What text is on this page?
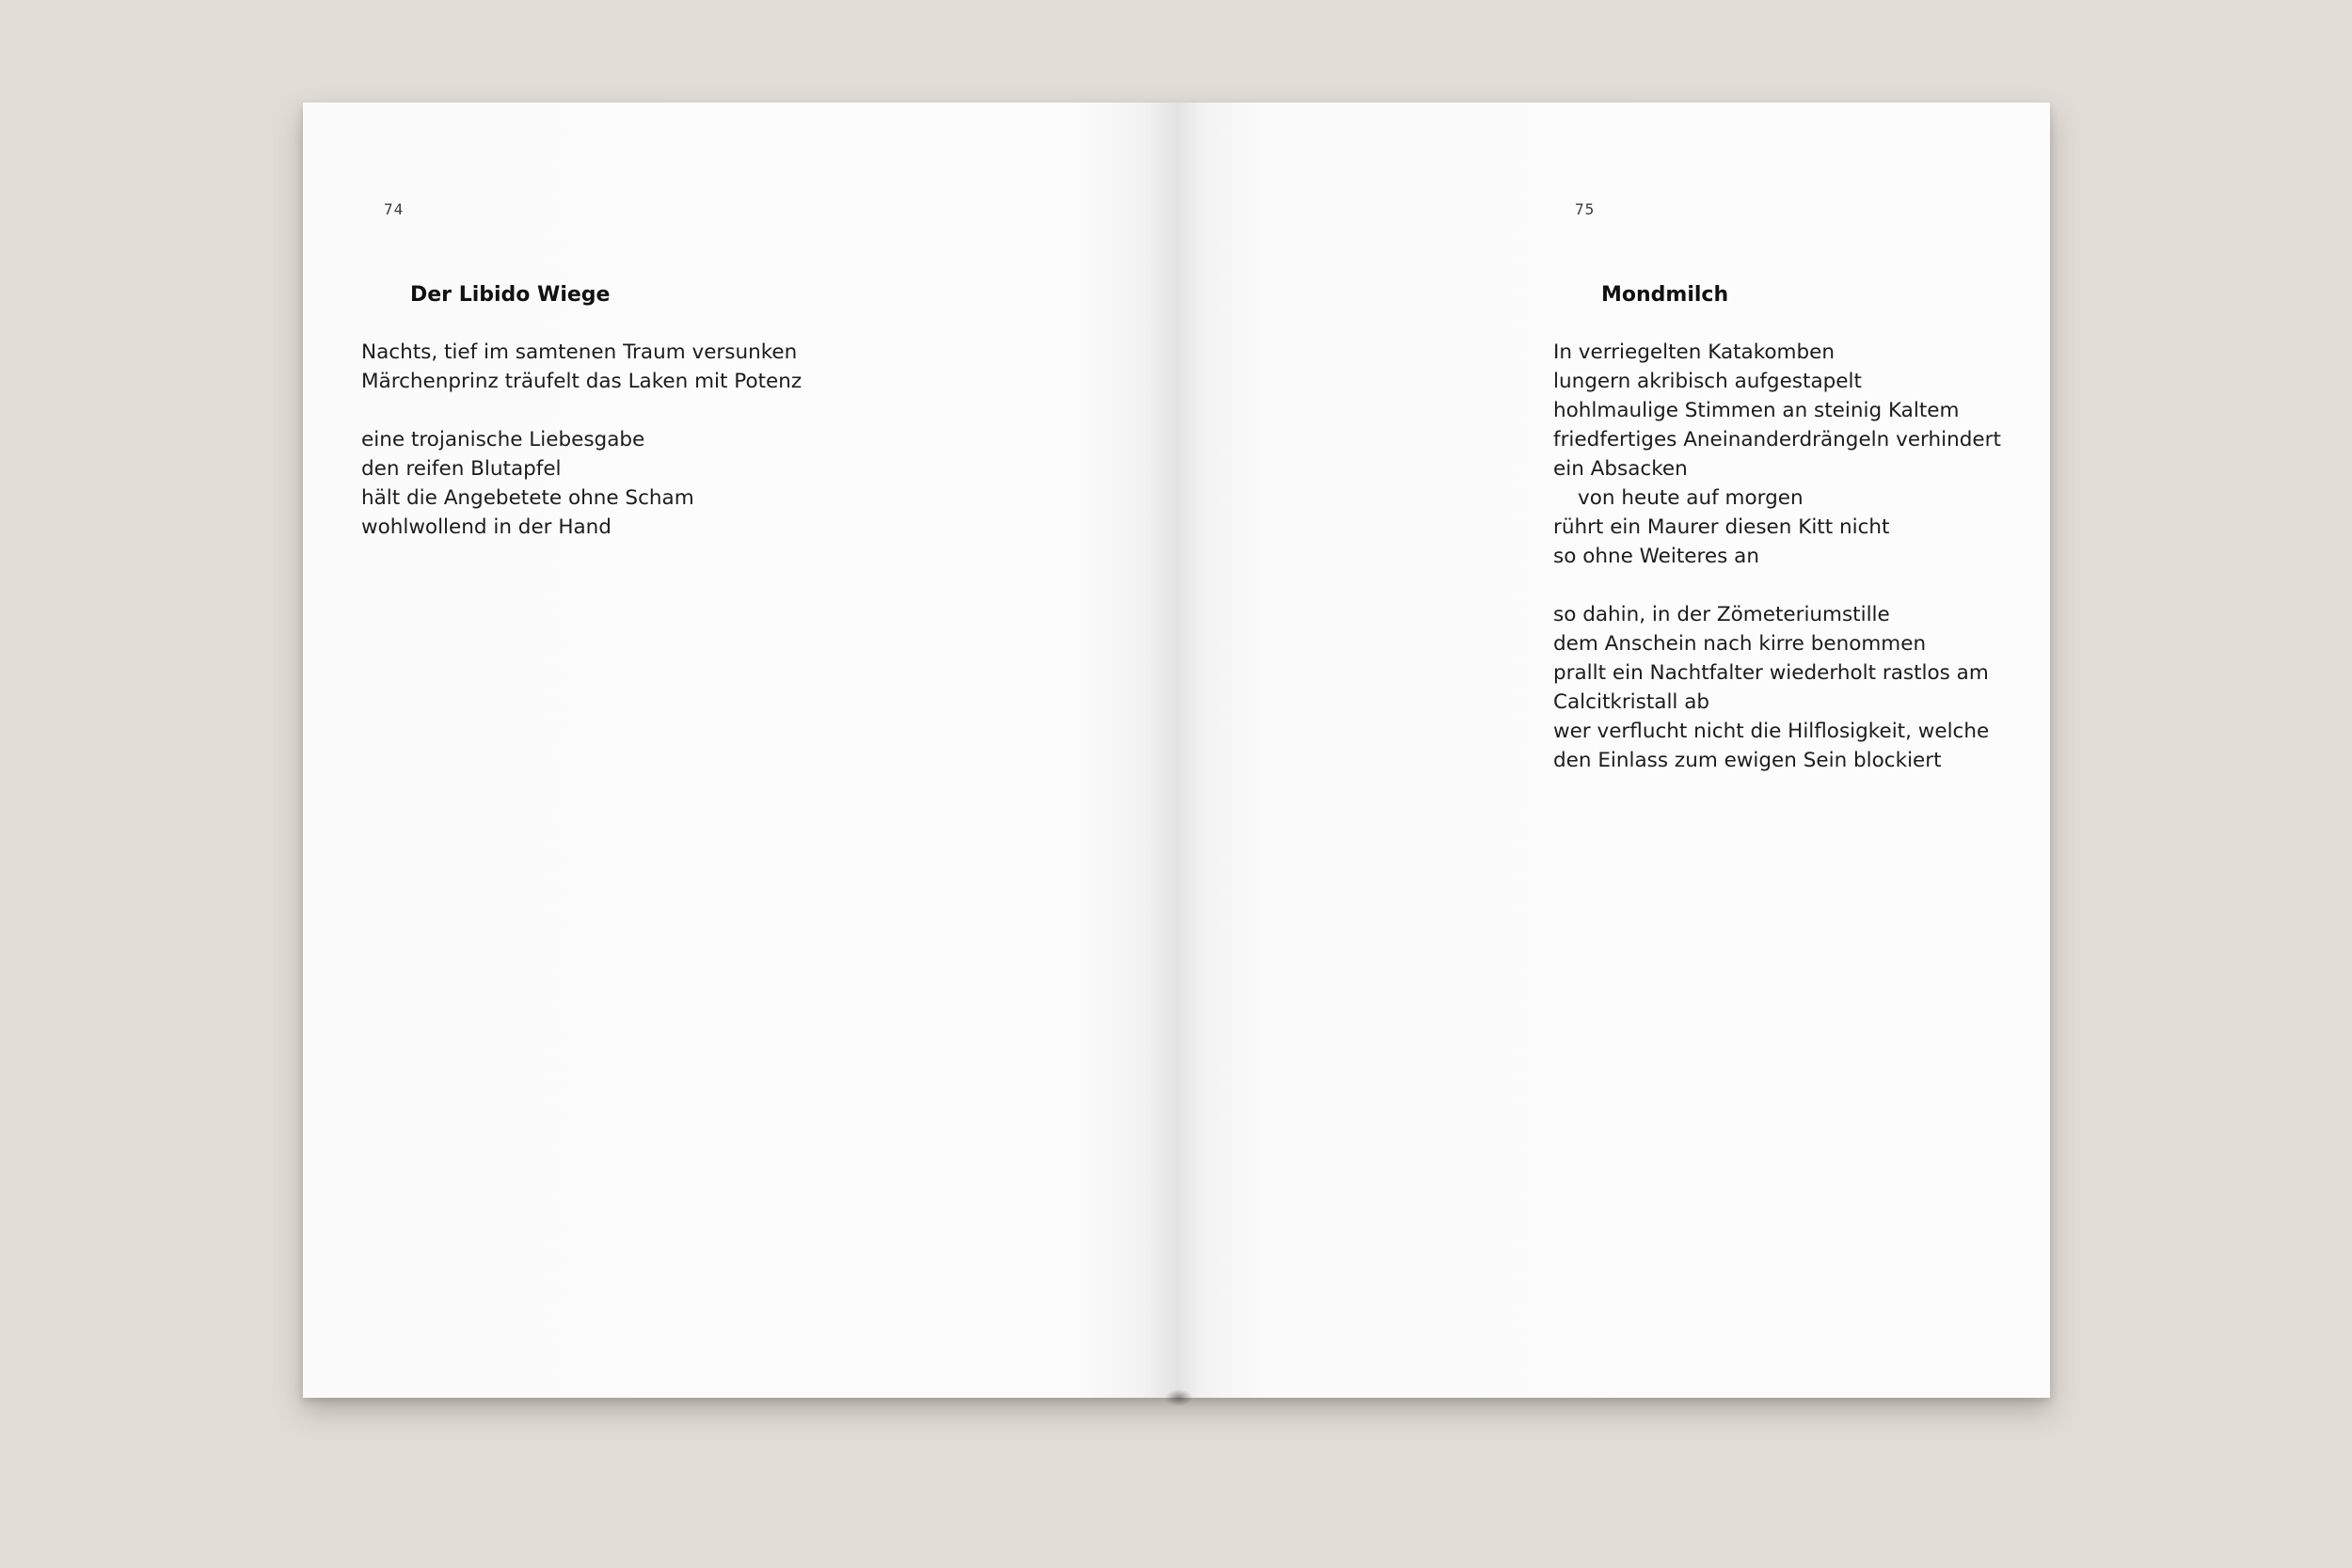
74
Der Libido Wiege
Nachts, tief im samtenen Traum versunken
Märchenprinz träufelt das Laken mit Potenz
eine trojanische Liebesgabe
den reifen Blutapfel
hält die Angebetete ohne Scham
wohlwollend in der Hand
75
Mondmilch
In verriegelten Katakomben
lungern akribisch aufgestapelt
hohlmaulige Stimmen an steinig Kaltem
friedfertiges Aneinanderdrängeln verhindert
ein Absacken
von heute auf morgen
rührt ein Maurer diesen Kitt nicht
so ohne Weiteres an
so dahin, in der Zömeteriumstille
dem Anschein nach kirre benommen
prallt ein Nachtfalter wiederholt rastlos am
Calcitkristall ab
wer verflucht nicht die Hilflosigkeit, welche
den Einlass zum ewigen Sein blockiert
